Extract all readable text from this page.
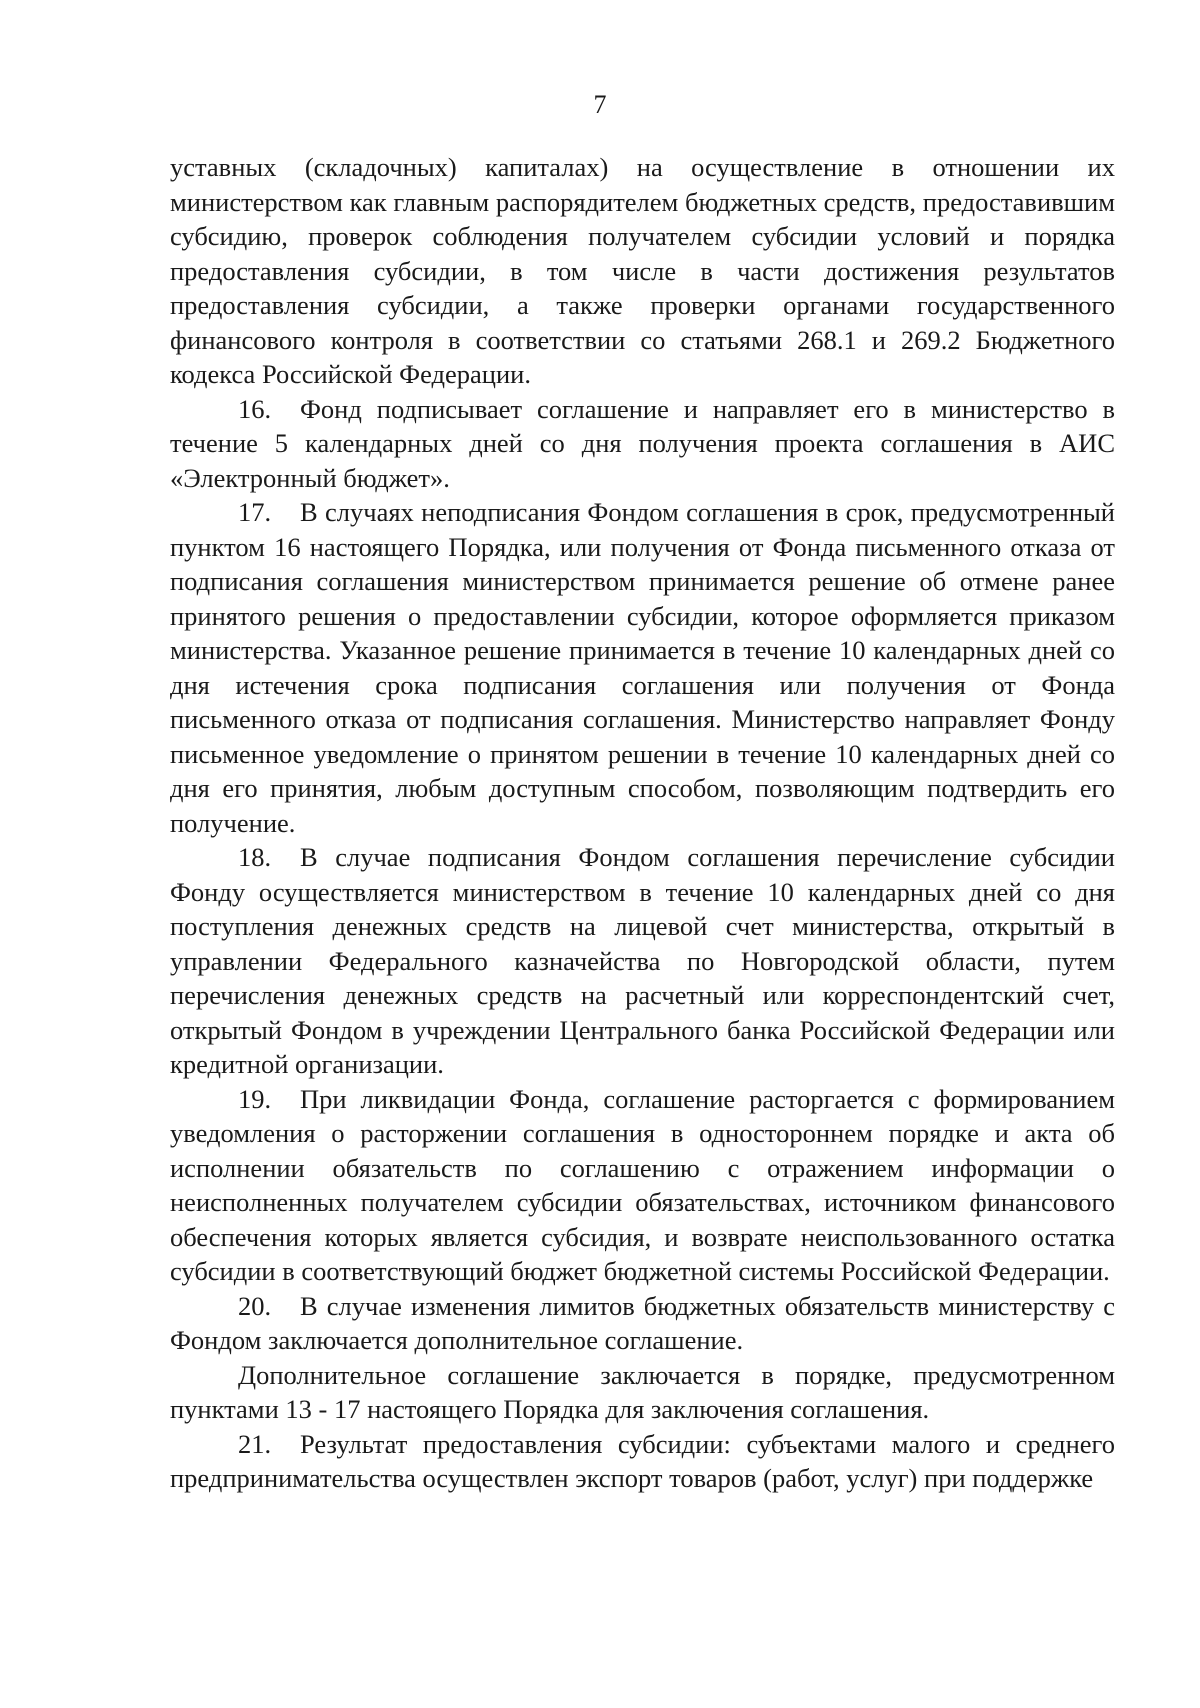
7

уставных (складочных) капиталах) на осуществление в отношении их министерством как главным распорядителем бюджетных средств, предоставившим субсидию, проверок соблюдения получателем субсидии условий и порядка предоставления субсидии, в том числе в части достижения результатов предоставления субсидии, а также проверки органами государственного финансового контроля в соответствии со статьями 268.1 и 269.2 Бюджетного кодекса Российской Федерации.

16. Фонд подписывает соглашение и направляет его в министерство в течение 5 календарных дней со дня получения проекта соглашения в АИС «Электронный бюджет».

17. В случаях неподписания Фондом соглашения в срок, предусмотренный пунктом 16 настоящего Порядка, или получения от Фонда письменного отказа от подписания соглашения министерством принимается решение об отмене ранее принятого решения о предоставлении субсидии, которое оформляется приказом министерства. Указанное решение принимается в течение 10 календарных дней со дня истечения срока подписания соглашения или получения от Фонда письменного отказа от подписания соглашения. Министерство направляет Фонду письменное уведомление о принятом решении в течение 10 календарных дней со дня его принятия, любым доступным способом, позволяющим подтвердить его получение.

18. В случае подписания Фондом соглашения перечисление субсидии Фонду осуществляется министерством в течение 10 календарных дней со дня поступления денежных средств на лицевой счет министерства, открытый в управлении Федерального казначейства по Новгородской области, путем перечисления денежных средств на расчетный или корреспондентский счет, открытый Фондом в учреждении Центрального банка Российской Федерации или кредитной организации.

19. При ликвидации Фонда, соглашение расторгается с формированием уведомления о расторжении соглашения в одностороннем порядке и акта об исполнении обязательств по соглашению с отражением информации о неисполненных получателем субсидии обязательствах, источником финансового обеспечения которых является субсидия, и возврате неиспользованного остатка субсидии в соответствующий бюджет бюджетной системы Российской Федерации.

20. В случае изменения лимитов бюджетных обязательств министерству с Фондом заключается дополнительное соглашение.

Дополнительное соглашение заключается в порядке, предусмотренном пунктами 13 - 17 настоящего Порядка для заключения соглашения.

21. Результат предоставления субсидии: субъектами малого и среднего предпринимательства осуществлен экспорт товаров (работ, услуг) при поддержке
